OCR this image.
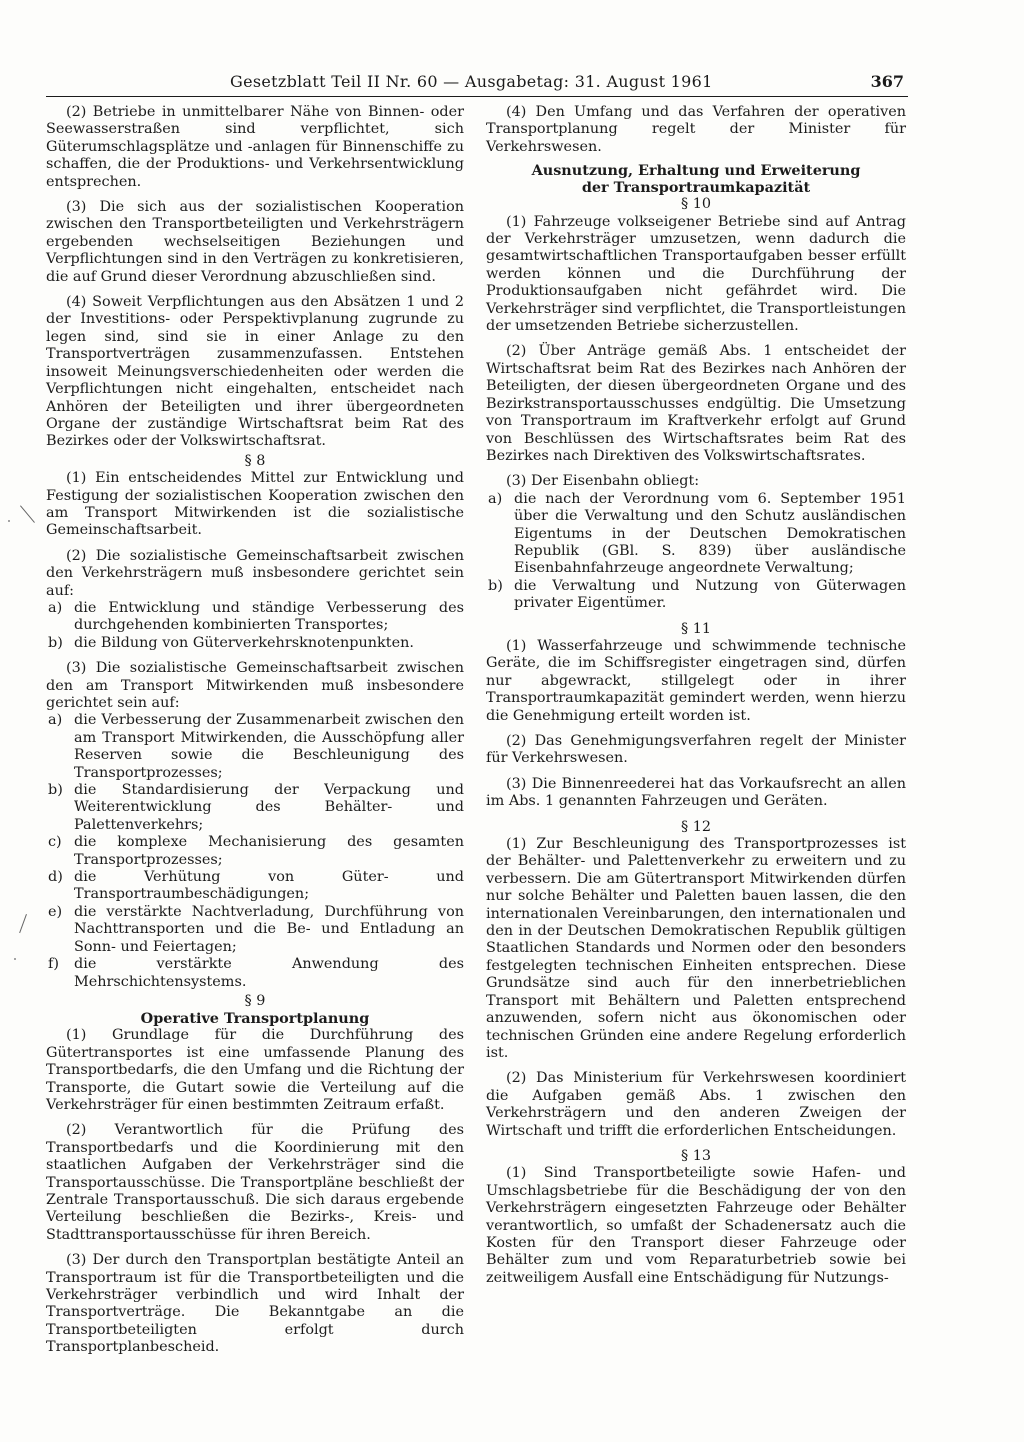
Gesetzblatt Teil II Nr. 60 — Ausgabetag: 31. August 1961	367

(2) Betriebe in unmittelbarer Nähe von Binnen- oder Seewasserstraßen sind verpflichtet, sich Güterumschlagsplätze und -anlagen für Binnenschiffe zu schaffen, die der Produktions- und Verkehrsentwicklung entsprechen.

(3) Die sich aus der sozialistischen Kooperation zwischen den Transportbeteiligten und Verkehrsträgern ergebenden wechselseitigen Beziehungen und Verpflichtungen sind in den Verträgen zu konkretisieren, die auf Grund dieser Verordnung abzuschließen sind.

(4) Soweit Verpflichtungen aus den Absätzen 1 und 2 der Investitions- oder Perspektivplanung zugrunde zu legen sind, sind sie in einer Anlage zu den Transportverträgen zusammenzufassen. Entstehen insoweit Meinungsverschiedenheiten oder werden die Verpflichtungen nicht eingehalten, entscheidet nach Anhören der Beteiligten und ihrer übergeordneten Organe der zuständige Wirtschaftsrat beim Rat des Bezirkes oder der Volkswirtschaftsrat.

§ 8

(1) Ein entscheidendes Mittel zur Entwicklung und Festigung der sozialistischen Kooperation zwischen den am Transport Mitwirkenden ist die sozialistische Gemeinschaftsarbeit.

(2) Die sozialistische Gemeinschaftsarbeit zwischen den Verkehrsträgern muß insbesondere gerichtet sein auf:

a) die Entwicklung und ständige Verbesserung des durchgehenden kombinierten Transportes;
b) die Bildung von Güterverkehrsknotenpunkten.

(3) Die sozialistische Gemeinschaftsarbeit zwischen den am Transport Mitwirkenden muß insbesondere gerichtet sein auf:

a) die Verbesserung der Zusammenarbeit zwischen den am Transport Mitwirkenden, die Ausschöpfung aller Reserven sowie die Beschleunigung des Transportprozesses;
b) die Standardisierung der Verpackung und Weiterentwicklung des Behälter- und Palettenverkehrs;
c) die komplexe Mechanisierung des gesamten Transportprozesses;
d) die Verhütung von Güter- und Transportraumbeschädigungen;
e) die verstärkte Nachtverladung, Durchführung von Nachttransporten und die Be- und Entladung an Sonn- und Feiertagen;
f)	die verstärkte Anwendung des Mehrschichtensystems.
§ 9
Operative Transportplanung

(1) Grundlage für die Durchführung des Gütertransportes ist eine umfassende Planung des Transportbedarfs, die den Umfang und die Richtung der Transporte, die Gutart sowie die Verteilung auf die Verkehrsträger für einen bestimmten Zeitraum erfaßt.

(2) Verantwortlich für die Prüfung des Transportbedarfs und die Koordinierung mit den staatlichen Aufgaben der Verkehrsträger sind die Transportausschüsse. Die Transportpläne beschließt der Zentrale Transportausschuß. Die sich daraus ergebende Verteilung beschließen die Bezirks-, Kreis- und Stadttransportausschüsse für ihren Bereich.

(3) Der durch den Transportplan bestätigte Anteil an Transportraum ist für die Transportbeteiligten und die Verkehrsträger verbindlich und wird Inhalt der Transportverträge. Die Bekanntgabe an die Transportbeteiligten erfolgt durch Transportplanbescheid.

(4) Den Umfang und das Verfahren der operativen Transportplanung regelt der Minister für Verkehrswesen.

Ausnutzung, Erhaltung und Erweiterung der Transportraumkapazität
§ 10

(1) Fahrzeuge volkseigener Betriebe sind auf Antrag der Verkehrsträger umzusetzen, wenn dadurch die gesamtwirtschaftlichen Transportaufgaben besser erfüllt werden können und die Durchführung der Produktionsaufgaben nicht gefährdet wird. Die Verkehrsträger sind verpflichtet, die Transportleistungen der umsetzenden Betriebe sicherzustellen.

(2) Über Anträge gemäß Abs. 1 entscheidet der Wirtschaftsrat beim Rat des Bezirkes nach Anhören der Beteiligten, der diesen übergeordneten Organe und des Bezirkstransportausschusses endgültig. Die Umsetzung von Transportraum im Kraftverkehr erfolgt auf Grund von Beschlüssen des Wirtschaftsrates beim Rat des Bezirkes nach Direktiven des Volkswirtschaftsrates.

(3) Der Eisenbahn obliegt:

a) die nach der Verordnung vom 6. September 1951 über die Verwaltung und den Schutz ausländischen Eigentums in der Deutschen Demokratischen Republik (GBl. S. 839) über ausländische Eisenbahnfahrzeuge angeordnete Verwaltung;
b) die Verwaltung und Nutzung von Güterwagen privater Eigentümer.
§ 11

(1) Wasserfahrzeuge und schwimmende technische Geräte, die im Schiffsregister eingetragen sind, dürfen nur abgewrackt, stillgelegt oder in ihrer Transportraumkapazität gemindert werden, wenn hierzu die Genehmigung erteilt worden ist.

(2) Das Genehmigungsverfahren regelt der Minister für Verkehrswesen.

(3) Die Binnenreederei hat das Vorkaufsrecht an allen im Abs. 1 genannten Fahrzeugen und Geräten.

§ 12

(1) Zur Beschleunigung des Transportprozesses ist der Behälter- und Palettenverkehr zu erweitern und zu verbessern. Die am Gütertransport Mitwirkenden dürfen nur solche Behälter und Paletten bauen lassen, die den internationalen Vereinbarungen, den internationalen und den in der Deutschen Demokratischen Republik gültigen Staatlichen Standards und Normen oder den besonders festgelegten technischen Einheiten entsprechen. Diese Grundsätze sind auch für den innerbetrieblichen Transport mit Behältern und Paletten entsprechend anzuwenden, sofern nicht aus ökonomischen oder technischen Gründen eine andere Regelung erforderlich ist.

(2) Das Ministerium für Verkehrswesen koordiniert die Aufgaben gemäß Abs. 1 zwischen den Verkehrsträgern und den anderen Zweigen der Wirtschaft und trifft die erforderlichen Entscheidungen.

§ 13

(1) Sind Transportbeteiligte sowie Hafen- und Umschlagsbetriebe für die Beschädigung der von den Verkehrsträgern eingesetzten Fahrzeuge oder Behälter verantwortlich, so umfaßt der Schadenersatz auch die Kosten für den Transport dieser Fahrzeuge oder Behälter zum und vom Reparaturbetrieb sowie bei zeitweiligem Ausfall eine Entschädigung für Nutzungs-
